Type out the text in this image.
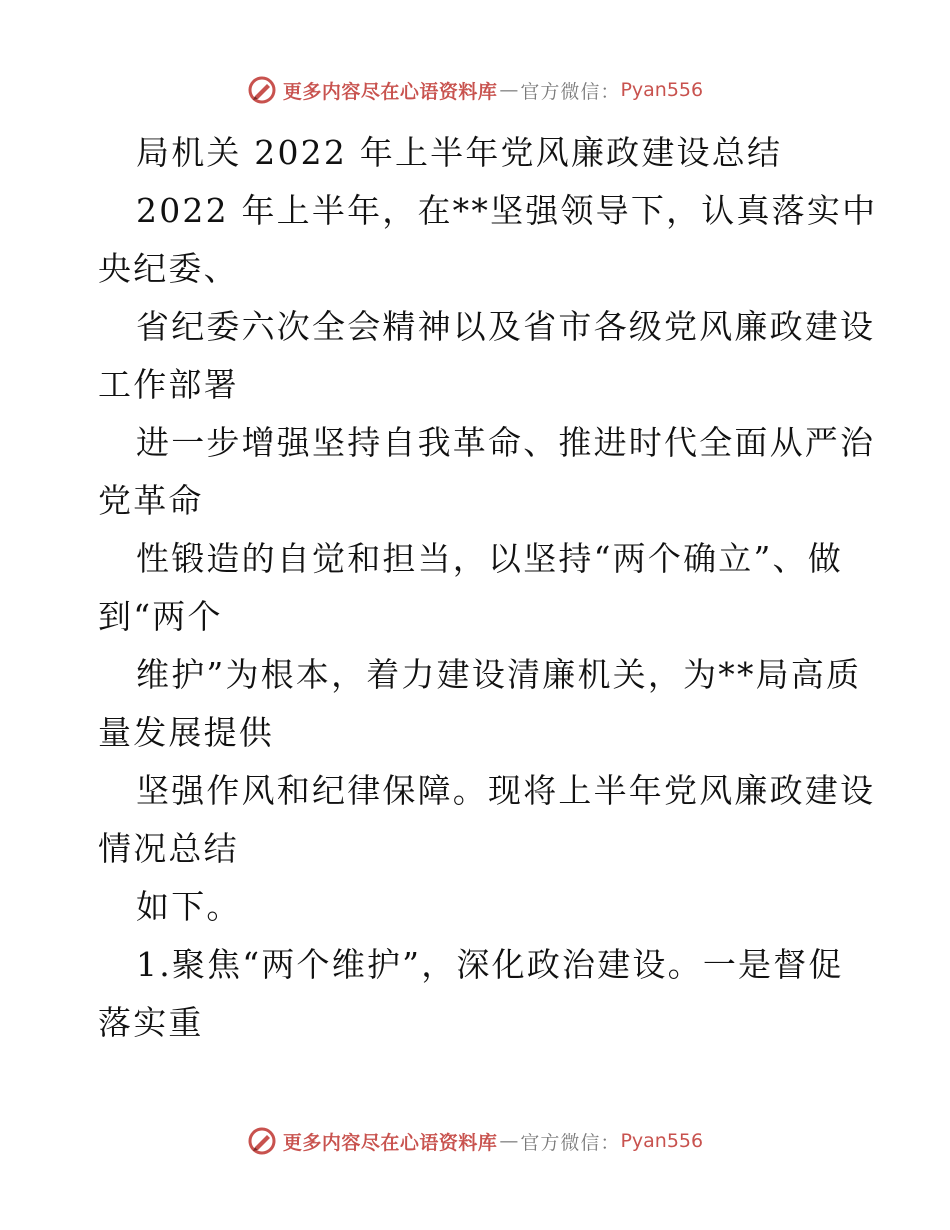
更多内容尽在心语资料库 — 官方微信： Pyan556
局机关 2022 年上半年党风廉政建设总结
2022 年上半年，在**坚强领导下，认真落实中
央纪委、
省纪委六次全会精神以及省市各级党风廉政建设
工作部署
进一步增强坚持自我革命、推进时代全面从严治
党革命
性锻造的自觉和担当，以坚持“两个确立”、做
到“两个
维护”为根本，着力建设清廉机关，为**局高质
量发展提供
坚强作风和纪律保障。现将上半年党风廉政建设
情况总结
如下。
1.聚焦“两个维护”，深化政治建设。一是督促
落实重
更多内容尽在心语资料库 — 官方微信： Pyan556
